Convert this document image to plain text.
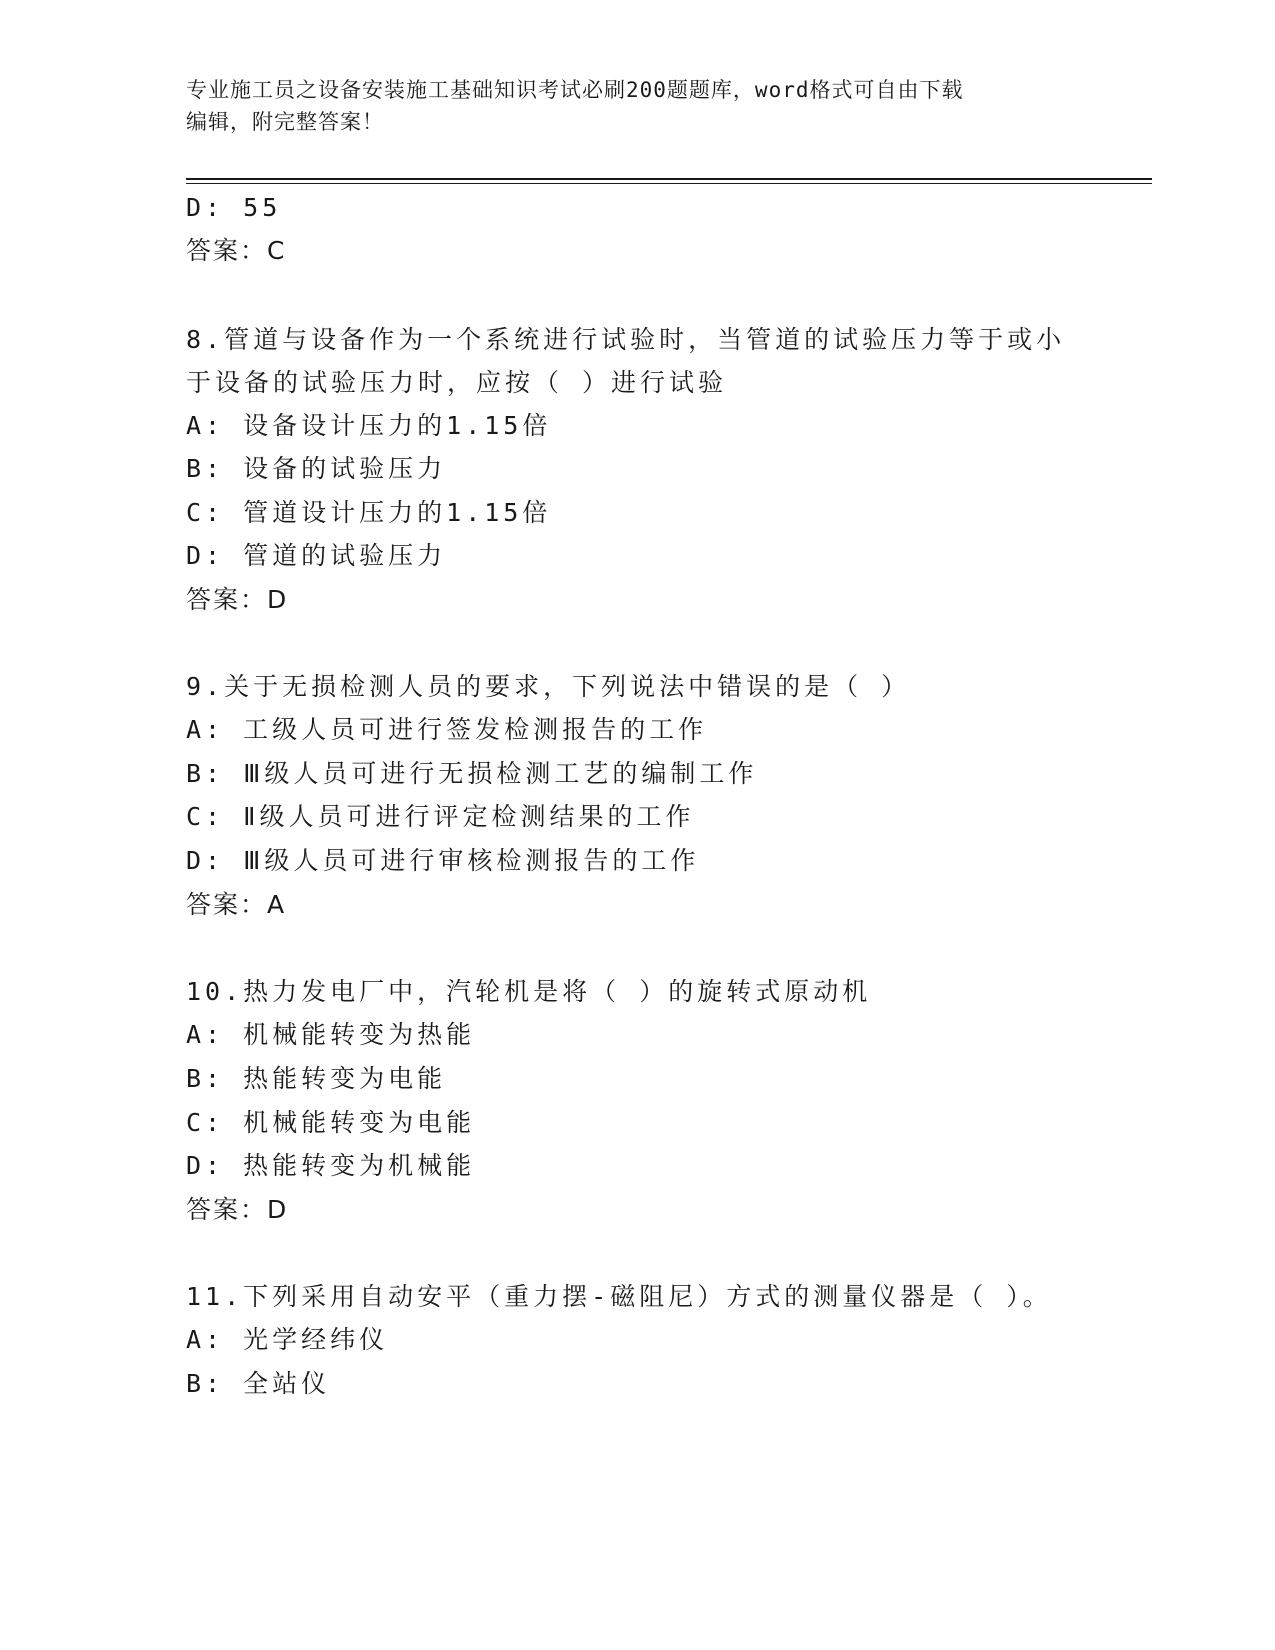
专业施工员之设备安装施工基础知识考试必刷200题题库，word格式可自由下载
编辑，附完整答案！
D: 55
答案：C
8.管道与设备作为一个系统进行试验时，当管道的试验压力等于或小
于设备的试验压力时，应按（ ）进行试验
A: 设备设计压力的1.15倍
B: 设备的试验压力
C: 管道设计压力的1.15倍
D: 管道的试验压力
答案：D
9.关于无损检测人员的要求，下列说法中错误的是（ ）
A: 工级人员可进行签发检测报告的工作
B: Ⅲ级人员可进行无损检测工艺的编制工作
C: Ⅱ级人员可进行评定检测结果的工作
D: Ⅲ级人员可进行审核检测报告的工作
答案：A
10.热力发电厂中，汽轮机是将（ ）的旋转式原动机
A: 机械能转变为热能
B: 热能转变为电能
C: 机械能转变为电能
D: 热能转变为机械能
答案：D
11.下列采用自动安平（重力摆-磁阻尼）方式的测量仪器是（ ）。
A: 光学经纬仪
B: 全站仪
